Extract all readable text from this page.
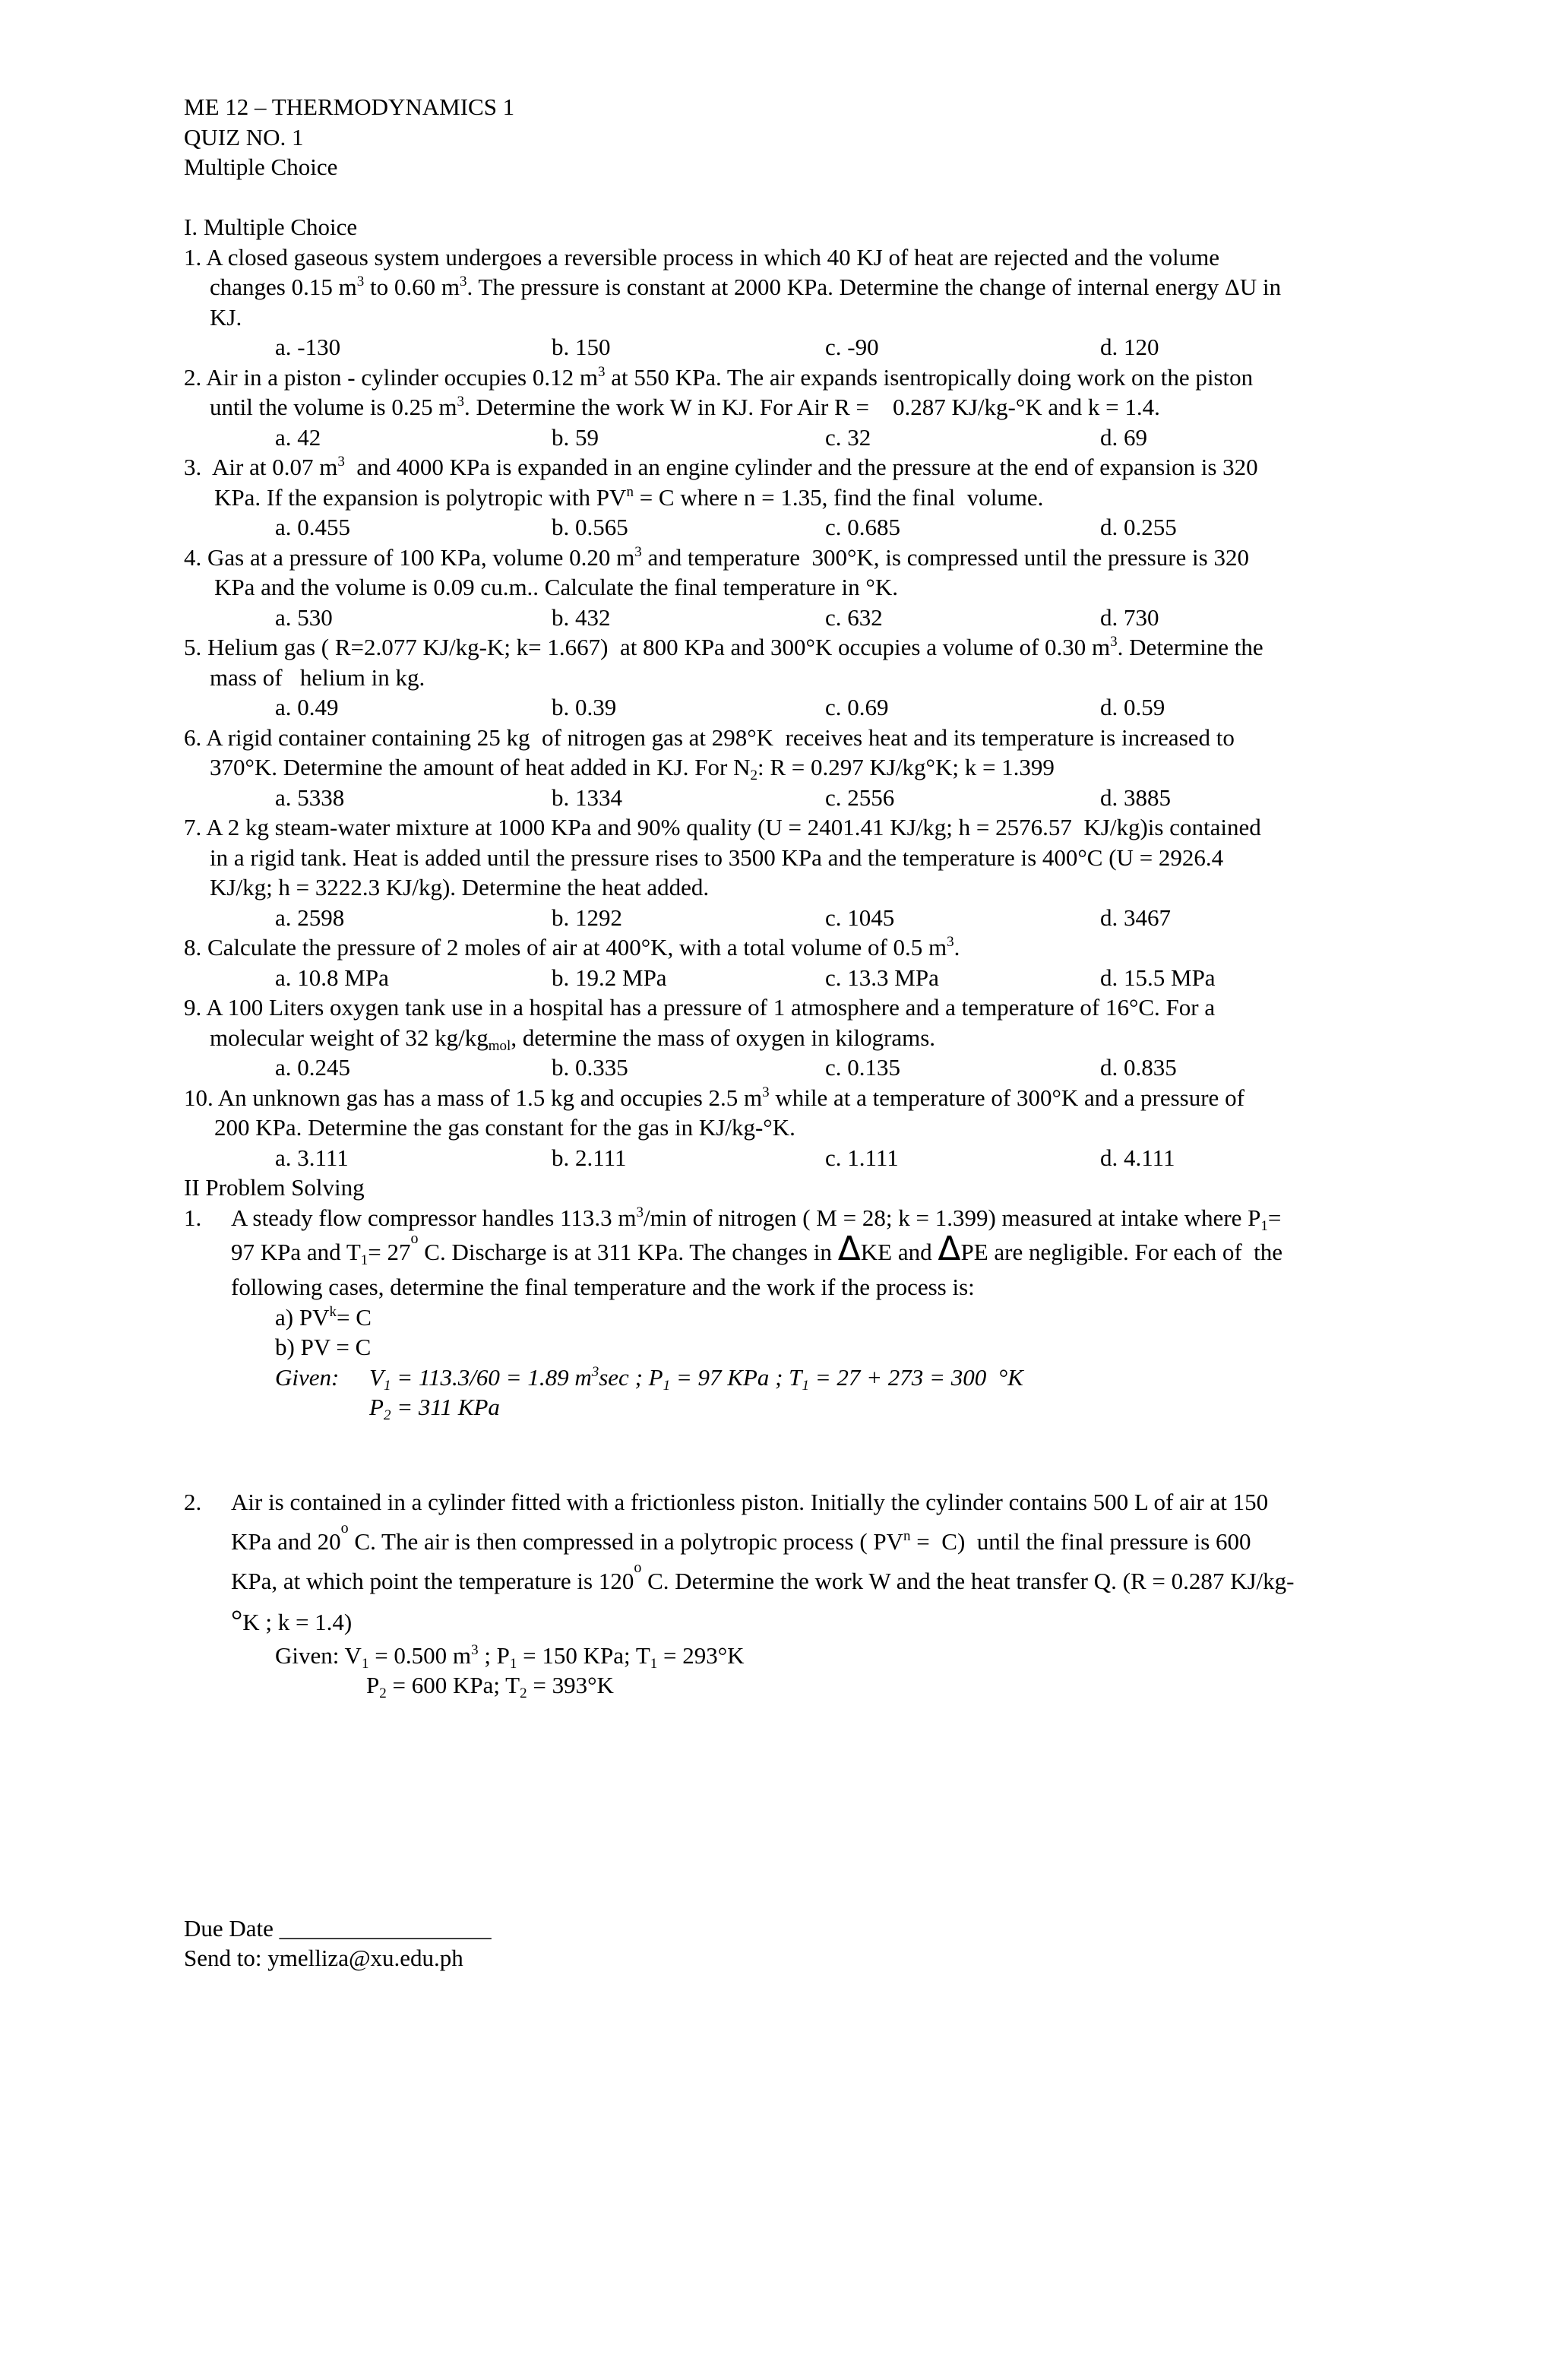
ME 12 – THERMODYNAMICS 1
QUIZ NO. 1
Multiple Choice
I. Multiple Choice
1. A closed gaseous system undergoes a reversible process in which 40 KJ of heat are rejected and the volume
changes 0.15 $m^3$ to 0.60 $m^3$. The pressure is constant at 2000 KPa. Determine the change of internal energy ΔU in
KJ.
a. -130	b. 150	c. -90	d. 120
2. Air in a piston - cylinder occupies 0.12 $m^3$ at 550 KPa. The air expands isentropically doing work on the piston
until the volume is 0.25 $m^3$. Determine the work W in KJ. For Air R =    0.287 KJ/kg-°K and k = 1.4.
a. 42	b. 59	c. 32	d. 69
3.  Air at 0.07 $m^3$  and 4000 KPa is expanded in an engine cylinder and the pressure at the end of expansion is 320
KPa. If the expansion is polytropic with $PV^n = C$ where n = 1.35, find the final  volume.
a. 0.455	b. 0.565	c. 0.685	d. 0.255
4. Gas at a pressure of 100 KPa, volume 0.20 $m^3$ and temperature  300°K, is compressed until the pressure is 320
KPa and the volume is 0.09 cu.m.. Calculate the final temperature in °K.
a. 530	b. 432	c. 632	d. 730
5. Helium gas ( R=2.077 KJ/kg-K; k= 1.667)  at 800 KPa and 300°K occupies a volume of 0.30 $m^3$. Determine the
mass of   helium in kg.
a. 0.49	b. 0.39	c. 0.69	d. 0.59
6. A rigid container containing 25 kg  of nitrogen gas at 298°K  receives heat and its temperature is increased to
370°K. Determine the amount of heat added in KJ. For $N_2$: R = 0.297 KJ/kg°K; k = 1.399
a. 5338	b. 1334	c. 2556	d. 3885
7. A 2 kg steam-water mixture at 1000 KPa and 90% quality (U = 2401.41 KJ/kg; h = 2576.57  KJ/kg)is contained
in a rigid tank. Heat is added until the pressure rises to 3500 KPa and the temperature is 400°C (U = 2926.4
KJ/kg; h = 3222.3 KJ/kg). Determine the heat added.
a. 2598	b. 1292	c. 1045	d. 3467
8. Calculate the pressure of 2 moles of air at 400°K, with a total volume of 0.5 $m^3$.
a. 10.8 MPa	b. 19.2 MPa	c. 13.3 MPa	d. 15.5 MPa
9. A 100 Liters oxygen tank use in a hospital has a pressure of 1 atmosphere and a temperature of 16°C. For a
molecular weight of 32 $kg/kg_{mol}$, determine the mass of oxygen in kilograms.
a. 0.245	b. 0.335	c. 0.135	d. 0.835
10. An unknown gas has a mass of 1.5 kg and occupies 2.5 $m^3$ while at a temperature of 300°K and a pressure of
200 KPa. Determine the gas constant for the gas in KJ/kg-°K.
a. 3.111	b. 2.111	c. 1.111	d. 4.111
II Problem Solving
1. A steady flow compressor handles 113.3 $m^3/\min$ of nitrogen ( M = 28; k = 1.399) measured at intake where $P_1=$
97 KPa and $T_1= 27^o$ C. Discharge is at 311 KPa. The changes in ΔKE and ΔPE are negligible. For each of  the
following cases, determine the final temperature and the work if the process is:
a) $PV^k= C$
b) PV = C
Given: $V_1 = 113.3/60 = 1.89$ $m^3\sec$ ; $P_1 = 97$ KPa ; $T_1 = 27 + 273 = 300$  °K
$P_2 = 311$ KPa
2. Air is contained in a cylinder fitted with a frictionless piston. Initially the cylinder contains 500 L of air at 150
KPa and 20$^o$ C. The air is then compressed in a polytropic process ( $PV^n = C$)  until the final pressure is 600
KPa, at which point the temperature is 120$^o$ C. Determine the work W and the heat transfer Q. (R = 0.287 KJ/kg-
°K ; k = 1.4)
Given: $V_1 = 0.500$ $m^3$ ; $P_1 = 150$ KPa; $T_1 = 293^\circ K$
$P_2 = 600$ KPa; $T_2 = 393^\circ K$
Due Date __________________
Send to: ymelliza@xu.edu.ph
